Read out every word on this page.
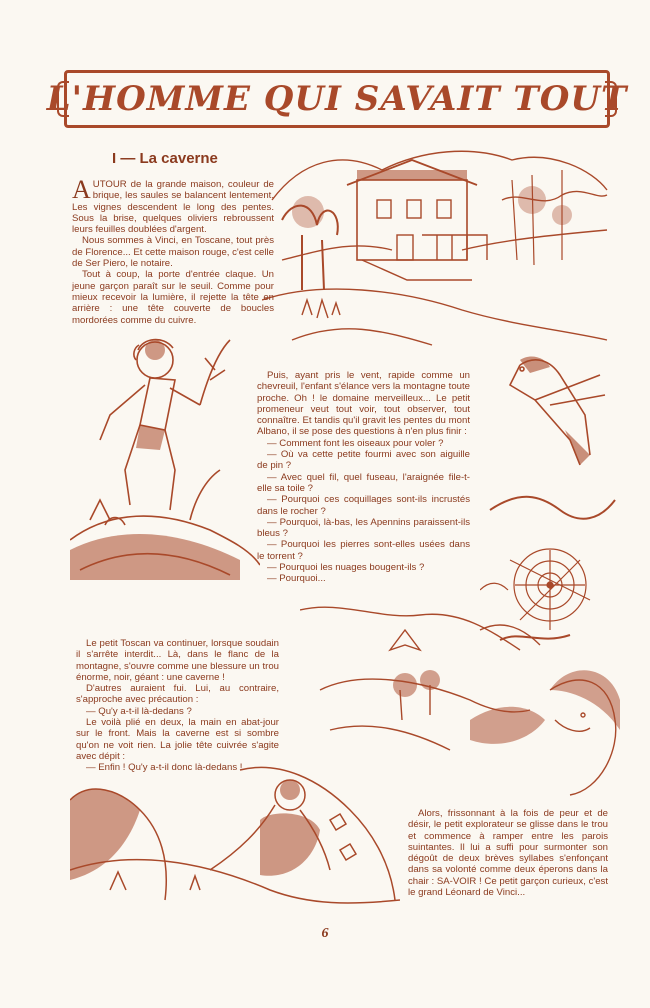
L'HOMME QUI SAVAIT TOUT
I — La caverne

AUTOUR de la grande maison, couleur de brique, les saules se balancent lentement. Les vignes descendent le long des pentes. Sous la brise, quelques oliviers rebroussent leurs feuilles doublées d'argent.

Nous sommes à Vinci, en Toscane, tout près de Florence... Et cette maison rouge, c'est celle de Ser Piero, le notaire.

Tout à coup, la porte d'entrée claque. Un jeune garçon paraît sur le seuil. Comme pour mieux recevoir la lumière, il rejette la tête en arrière : une tête couverte de boucles mordorées comme du cuivre.

Puis, ayant pris le vent, rapide comme un chevreuil, l'enfant s'élance vers la montagne toute proche. Oh ! le domaine merveilleux... Le petit promeneur veut tout voir, tout observer, tout connaître. Et tandis qu'il gravit les pentes du mont Albano, il se pose des questions à n'en plus finir :

— Comment font les oiseaux pour voler ?

— Où va cette petite fourmi avec son aiguille de pin ?

— Avec quel fil, quel fuseau, l'araignée file-t-elle sa toile ?

— Pourquoi ces coquillages sont-ils incrustés dans le rocher ?

— Pourquoi, là-bas, les Apennins paraissent-ils bleus ?

— Pourquoi les pierres sont-elles usées dans le torrent ?

— Pourquoi les nuages bougent-ils ?

— Pourquoi...

Le petit Toscan va continuer, lorsque soudain il s'arrête interdit... Là, dans le flanc de la montagne, s'ouvre comme une blessure un trou énorme, noir, géant : une caverne !

D'autres auraient fui. Lui, au contraire, s'approche avec précaution :

— Qu'y a-t-il là-dedans ?

Le voilà plié en deux, la main en abat-jour sur le front. Mais la caverne est si sombre qu'on ne voit rien. La jolie tête cuivrée s'agite avec dépit :

— Enfin ! Qu'y a-t-il donc là-dedans !

Alors, frissonnant à la fois de peur et de désir, le petit explorateur se glisse dans le trou et commence à ramper entre les parois suintantes. Il lui a suffi pour surmonter son dégoût de deux brèves syllabes s'enfonçant dans sa volonté comme deux éperons dans la chair : SA-VOIR ! Ce petit garçon curieux, c'est le grand Léonard de Vinci...

6
